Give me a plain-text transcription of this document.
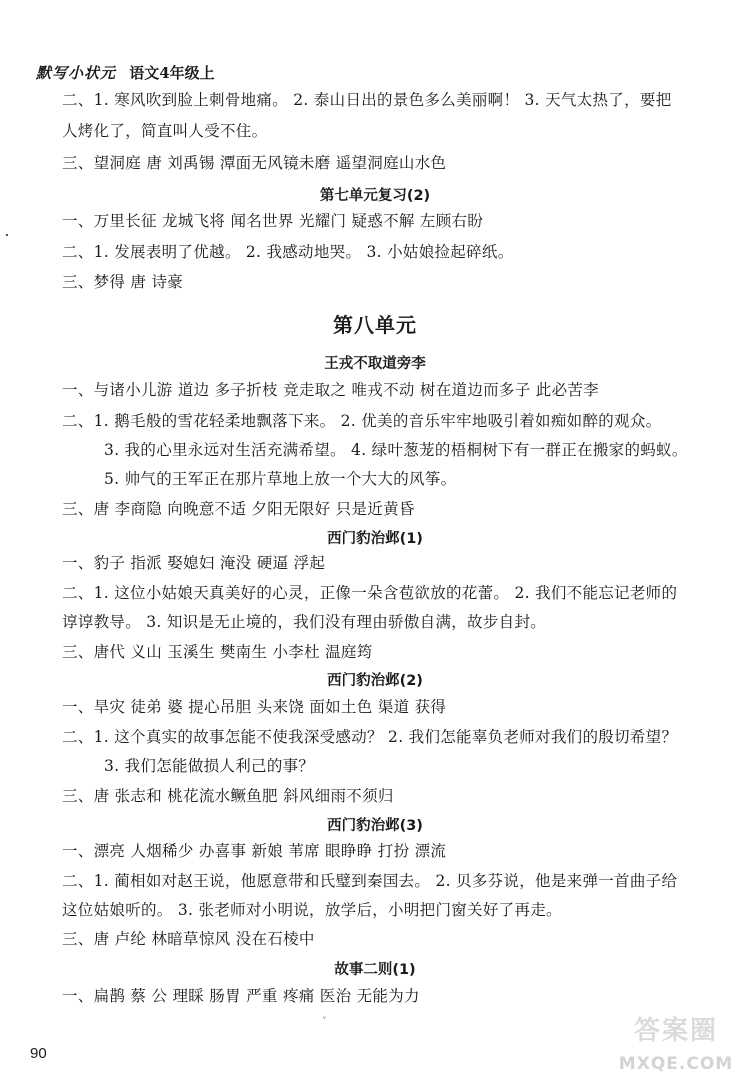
默写小状元 语文4年级上
二、1. 寒风吹到脸上刺骨地痛。 2. 泰山日出的景色多么美丽啊！ 3. 天气太热了，要把
人烤化了，简直叫人受不住。
三、望洞庭 唐 刘禹锡 潭面无风镜未磨 遥望洞庭山水色
第七单元复习(2)
一、万里长征 龙城飞将 闻名世界 光耀门 疑惑不解 左顾右盼
二、1. 发展表明了优越。 2. 我感动地哭。 3. 小姑娘捡起碎纸。
三、梦得 唐 诗豪
第八单元
王戎不取道旁李
一、与诸小儿游 道边 多子折枝 竞走取之 唯戎不动 树在道边而多子 此必苦李
二、1. 鹅毛般的雪花轻柔地飘落下来。 2. 优美的音乐牢牢地吸引着如痴如醉的观众。
3. 我的心里永远对生活充满希望。 4. 绿叶葱茏的梧桐树下有一群正在搬家的蚂蚁。
5. 帅气的王军正在那片草地上放一个大大的风筝。
三、唐 李商隐 向晚意不适 夕阳无限好 只是近黄昏
西门豹治邺(1)
一、豹子 指派 娶媳妇 淹没 硬逼 浮起
二、1. 这位小姑娘天真美好的心灵，正像一朵含苞欲放的花蕾。 2. 我们不能忘记老师的
谆谆教导。 3. 知识是无止境的，我们没有理由骄傲自满，故步自封。
三、唐代 义山 玉溪生 樊南生 小李杜 温庭筠
西门豹治邺(2)
一、旱灾 徒弟 婆 提心吊胆 头来饶 面如土色 渠道 获得
二、1. 这个真实的故事怎能不使我深受感动？ 2. 我们怎能辜负老师对我们的殷切希望？
3. 我们怎能做损人利己的事？
三、唐 张志和 桃花流水鳜鱼肥 斜风细雨不须归
西门豹治邺(3)
一、漂亮 人烟稀少 办喜事 新娘 苇席 眼睁睁 打扮 漂流
二、1. 蔺相如对赵王说，他愿意带和氏璧到秦国去。 2. 贝多芬说，他是来弹一首曲子给
这位姑娘听的。 3. 张老师对小明说，放学后，小明把门窗关好了再走。
三、唐 卢纶 林暗草惊风 没在石棱中
故事二则(1)
一、扁鹊 蔡 公 理睬 肠胃 严重 疼痛 医治 无能为力
ˇ
90
答案圈
MXQE.COM
